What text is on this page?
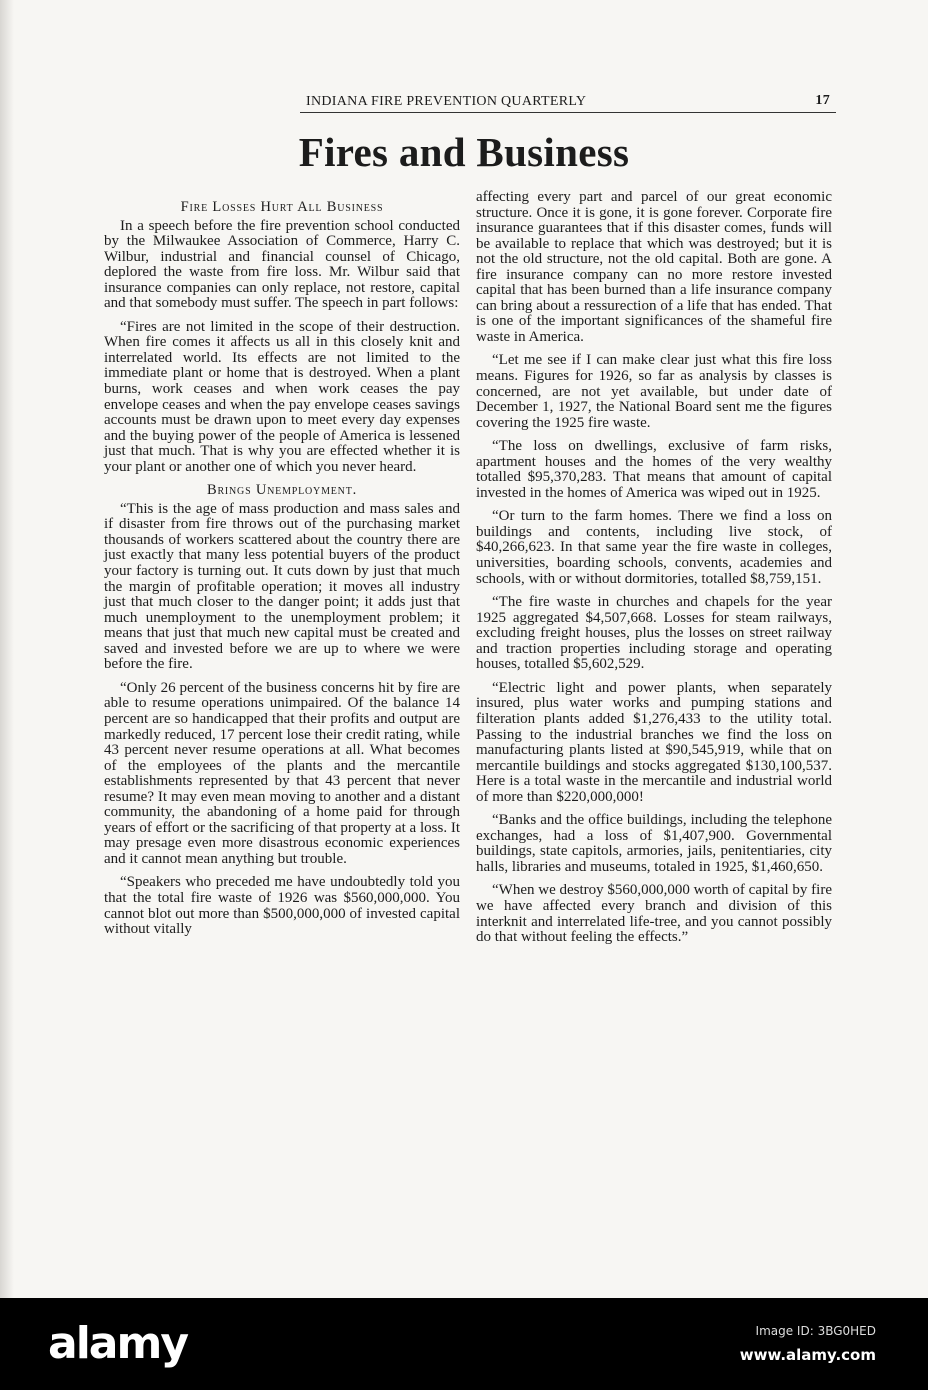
INDIANA FIRE PREVENTION QUARTERLY	17
Fires and Business
Fire Losses Hurt All Business

In a speech before the fire prevention school conducted by the Milwaukee Association of Commerce, Harry C. Wilbur, industrial and financial counsel of Chicago, deplored the waste from fire loss. Mr. Wilbur said that insurance companies can only replace, not restore, capital and that somebody must suffer. The speech in part follows:

“Fires are not limited in the scope of their destruction. When fire comes it affects us all in this closely knit and interrelated world. Its effects are not limited to the immediate plant or home that is destroyed. When a plant burns, work ceases and when work ceases the pay envelope ceases and when the pay envelope ceases savings accounts must be drawn upon to meet every day expenses and the buying power of the people of America is lessened just that much. That is why you are effected whether it is your plant or another one of which you never heard.

Brings Unemployment.

“This is the age of mass production and mass sales and if disaster from fire throws out of the purchasing market thousands of workers scattered about the country there are just exactly that many less potential buyers of the product your factory is turning out. It cuts down by just that much the margin of profitable operation; it moves all industry just that much closer to the danger point; it adds just that much unemployment to the unemployment problem; it means that just that much new capital must be created and saved and invested before we are up to where we were before the fire.

“Only 26 percent of the business concerns hit by fire are able to resume operations unimpaired. Of the balance 14 percent are so handicapped that their profits and output are markedly reduced, 17 percent lose their credit rating, while 43 percent never resume operations at all. What becomes of the employees of the plants and the mercantile establishments represented by that 43 percent that never resume? It may even mean moving to another and a distant community, the abandoning of a home paid for through years of effort or the sacrificing of that property at a loss. It may presage even more disastrous economic experiences and it cannot mean anything but trouble.

“Speakers who preceded me have undoubtedly told you that the total fire waste of 1926 was $560,000,000. You cannot blot out more than $500,000,000 of invested capital without vitally

affecting every part and parcel of our great economic structure. Once it is gone, it is gone forever. Corporate fire insurance guarantees that if this disaster comes, funds will be available to replace that which was destroyed; but it is not the old structure, not the old capital. Both are gone. A fire insurance company can no more restore invested capital that has been burned than a life insurance company can bring about a ressurection of a life that has ended. That is one of the important significances of the shameful fire waste in America.

“Let me see if I can make clear just what this fire loss means. Figures for 1926, so far as analysis by classes is concerned, are not yet available, but under date of December 1, 1927, the National Board sent me the figures covering the 1925 fire waste.

“The loss on dwellings, exclusive of farm risks, apartment houses and the homes of the very wealthy totalled $95,370,283. That means that amount of capital invested in the homes of America was wiped out in 1925.

“Or turn to the farm homes. There we find a loss on buildings and contents, including live stock, of $40,266,623. In that same year the fire waste in colleges, universities, boarding schools, convents, academies and schools, with or without dormitories, totalled $8,759,151.

“The fire waste in churches and chapels for the year 1925 aggregated $4,507,668. Losses for steam railways, excluding freight houses, plus the losses on street railway and traction properties including storage and operating houses, totalled $5,602,529.

“Electric light and power plants, when separately insured, plus water works and pumping stations and filteration plants added $1,276,433 to the utility total. Passing to the industrial branches we find the loss on manufacturing plants listed at $90,545,919, while that on mercantile buildings and stocks aggregated $130,100,537. Here is a total waste in the mercantile and industrial world of more than $220,000,000!

“Banks and the office buildings, including the telephone exchanges, had a loss of $1,407,900. Governmental buildings, state capitols, armories, jails, penitentiaries, city halls, libraries and museums, totaled in 1925, $1,460,650.

“When we destroy $560,000,000 worth of capital by fire we have affected every branch and division of this interknit and interrelated life-tree, and you cannot possibly do that without feeling the effects.”

alamy	Image ID: 3BG0HED
www.alamy.com
